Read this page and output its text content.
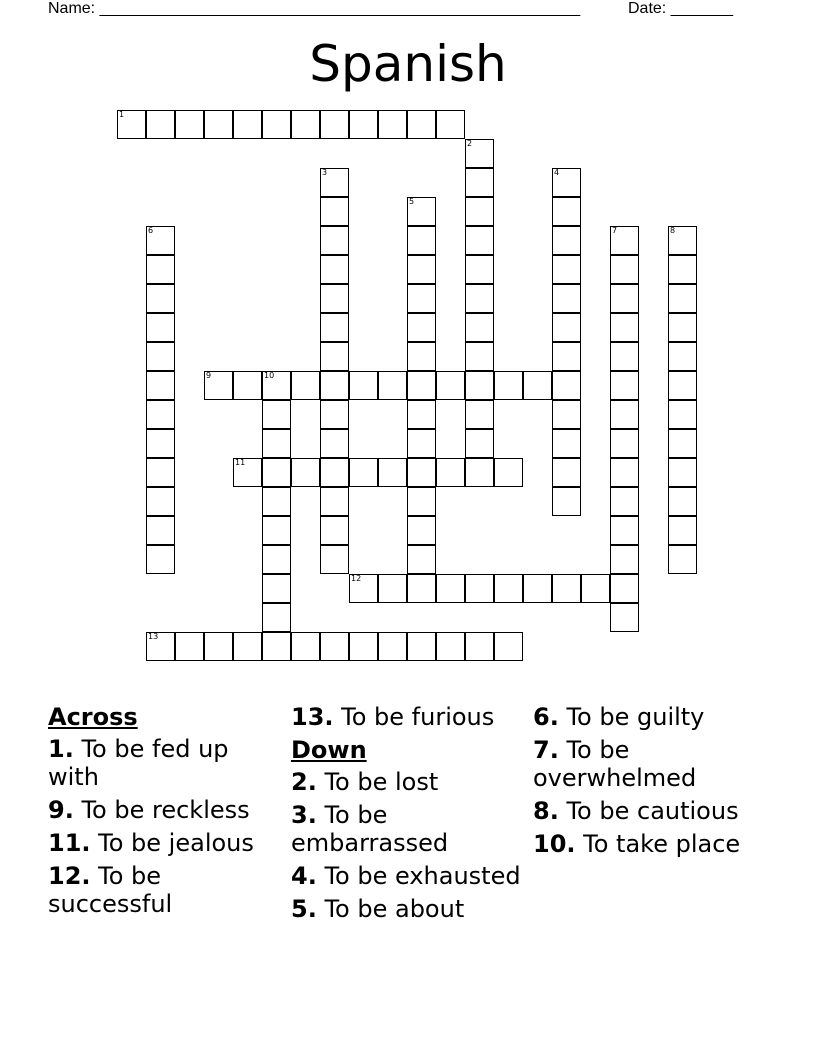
Name: ______________________________________________________	Date: _______
Spanish
1
2
3	4
5
6	7	8
9	10
11
12
13
Across
1. To be fed up with
9. To be reckless
11. To be jealous
12. To be successful
13. To be furious
Down
2. To be lost
3. To be embarrassed
4. To be exhausted
5. To be about
6. To be guilty
7. To be overwhelmed
8. To be cautious
10. To take place
